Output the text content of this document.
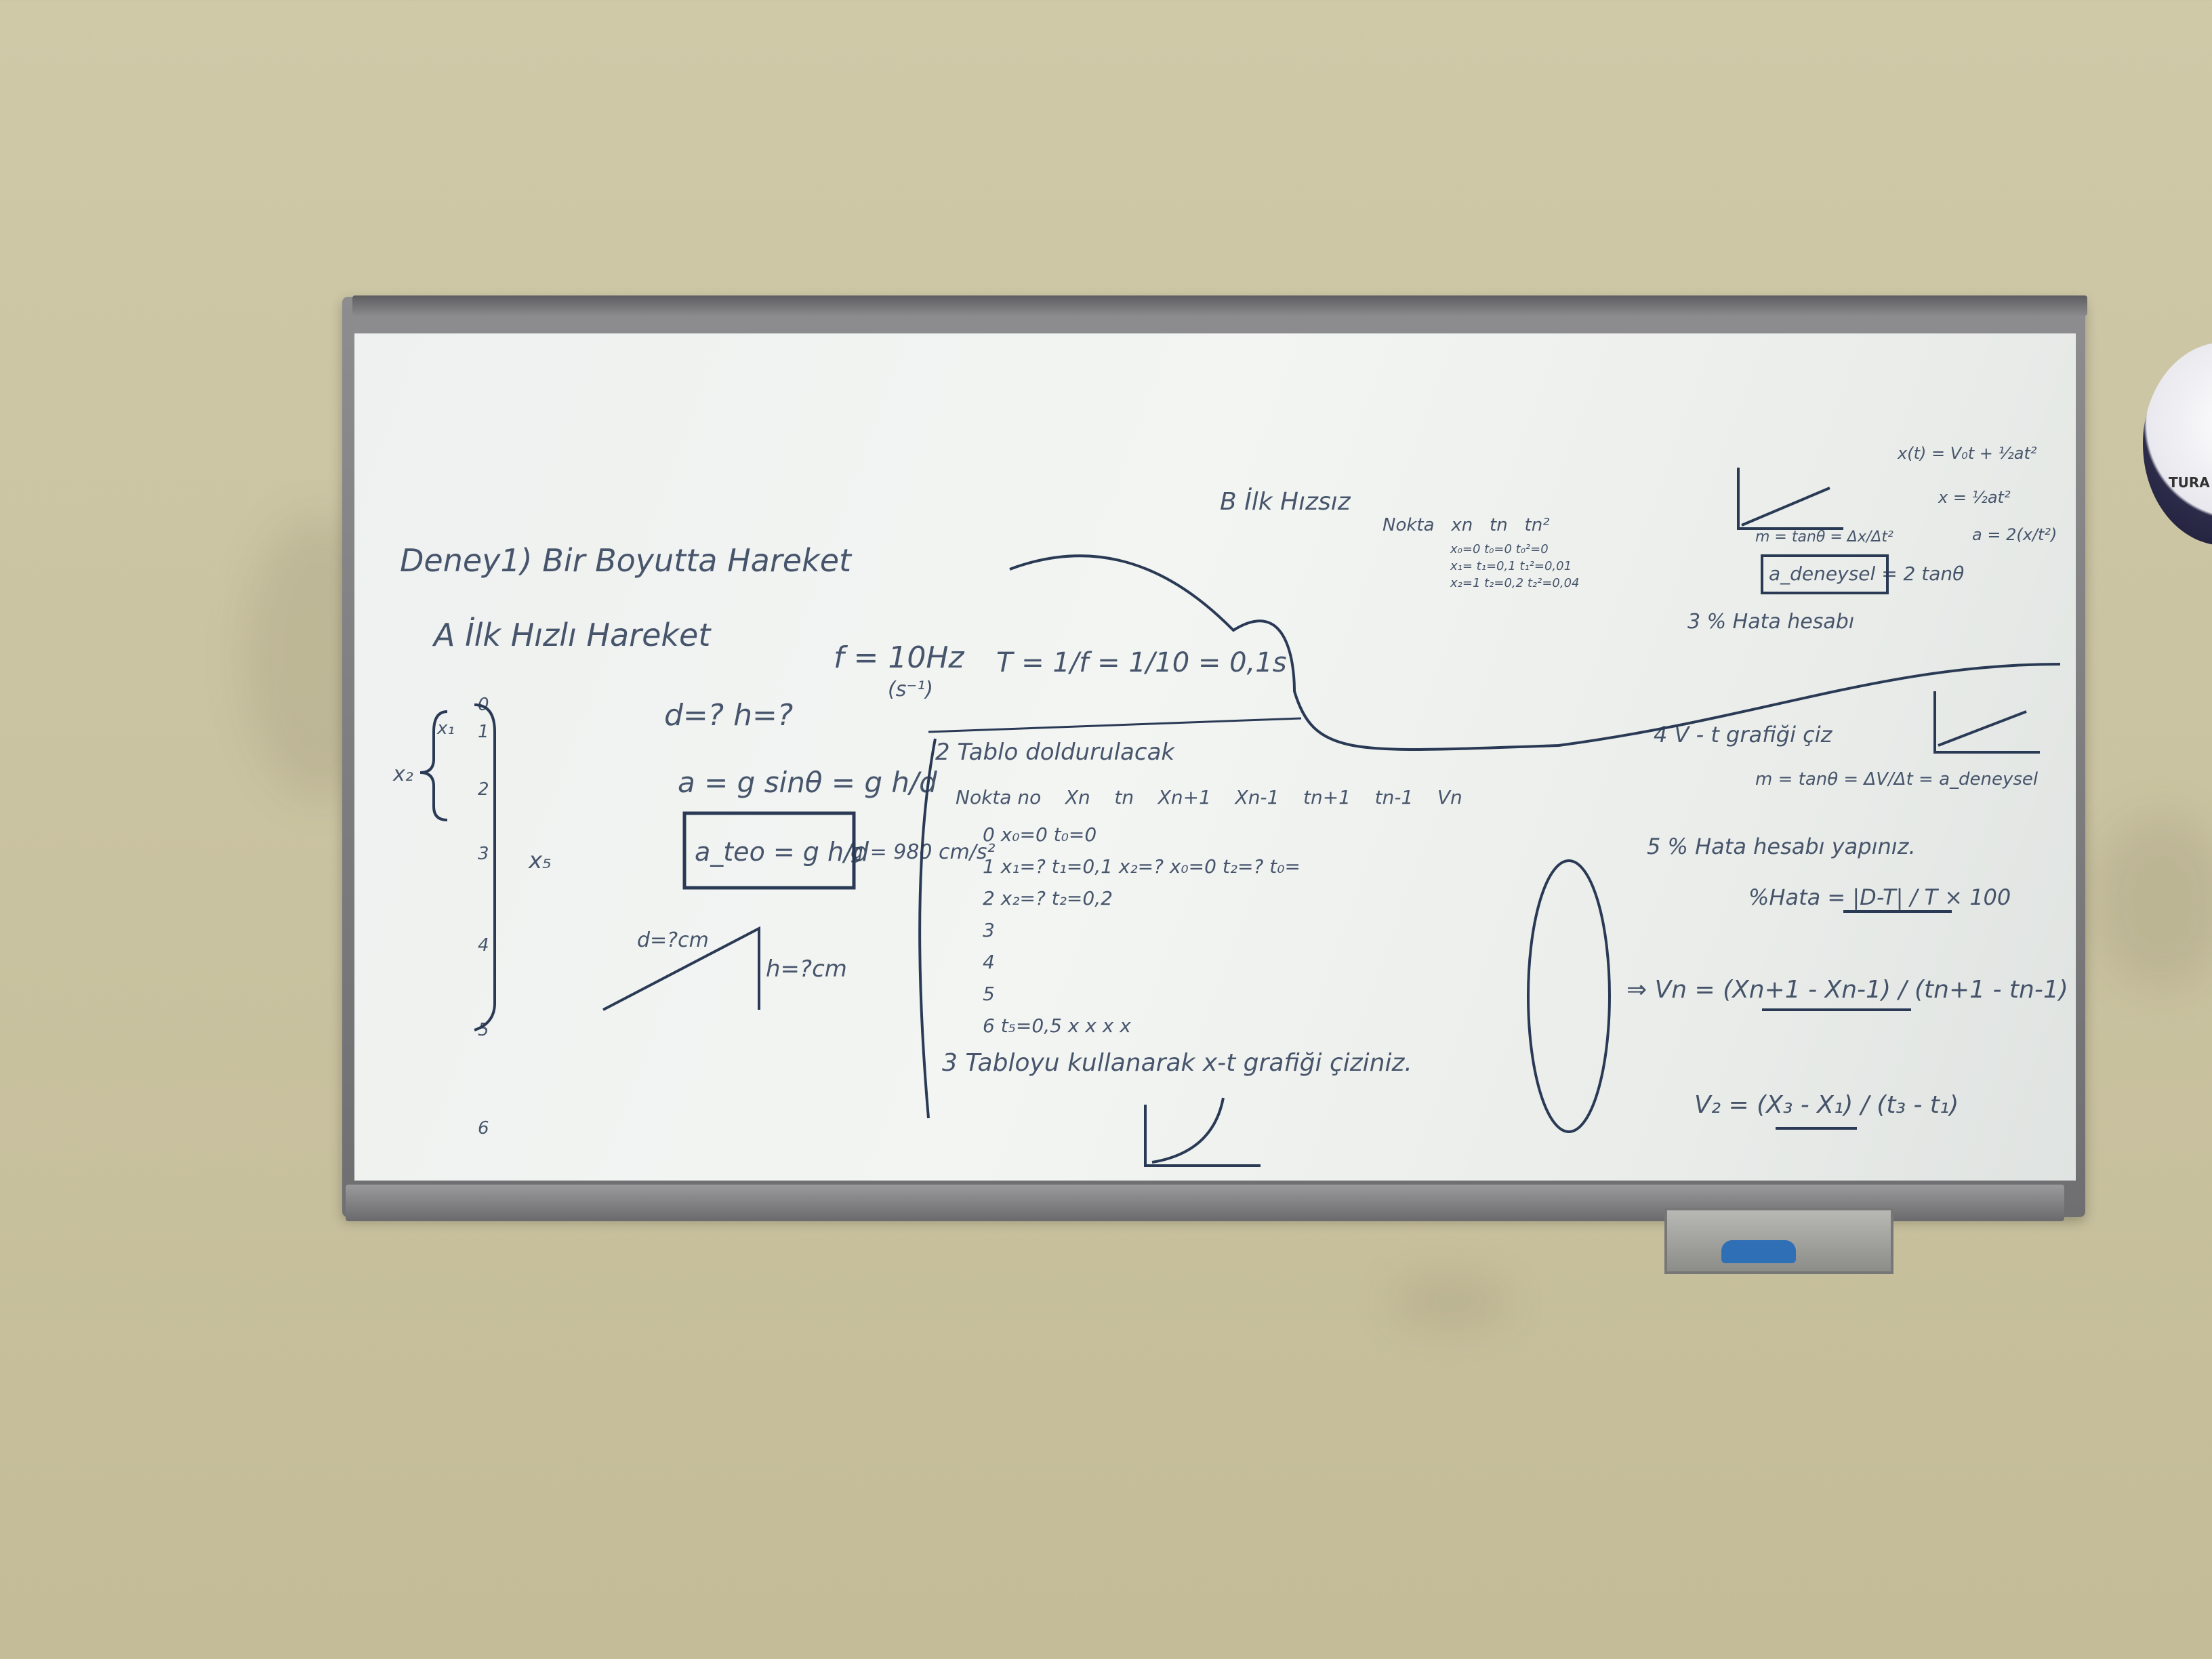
TURA
Deney1) Bir Boyutta Hareket
A İlk Hızlı Hareket
f = 10Hz
(s⁻¹)
T = 1/f = 1/10 = 0,1s
d=? h=?
a = g sinθ = g h/d
a_teo = g h/d
g = 980 cm/s²
d=?cm
h=?cm
0
1
2
3
4
5
6
x₁
x₂
x₅
B İlk Hızsız
Nokta xn tn tn²
x₀=0 t₀=0 t₀²=0
x₁= t₁=0,1 t₁²=0,01
x₂=1 t₂=0,2 t₂²=0,04
2 Tablo doldurulacak
Nokta no Xn tn Xn+1 Xn-1 tn+1 tn-1 Vn
0 x₀=0 t₀=0
1 x₁=? t₁=0,1 x₂=? x₀=0 t₂=? t₀=
2 x₂=? t₂=0,2
3
4
5
6 t₅=0,5 x x x x
3 Tabloyu kullanarak x-t grafiği çiziniz.
x(t) = V₀t + ½at²
x = ½at²
a = 2(x/t²)
m = tanθ = Δx/Δt²
a_deneysel = 2 tanθ
3 % Hata hesabı
4 V - t grafiği çiz
m = tanθ = ΔV/Δt = a_deneysel
5 % Hata hesabı yapınız.
%Hata = |D-T| / T × 100
⇒ Vn = (Xn+1 - Xn-1) / (tn+1 - tn-1)
V₂ = (X₃ - X₁) / (t₃ - t₁)
